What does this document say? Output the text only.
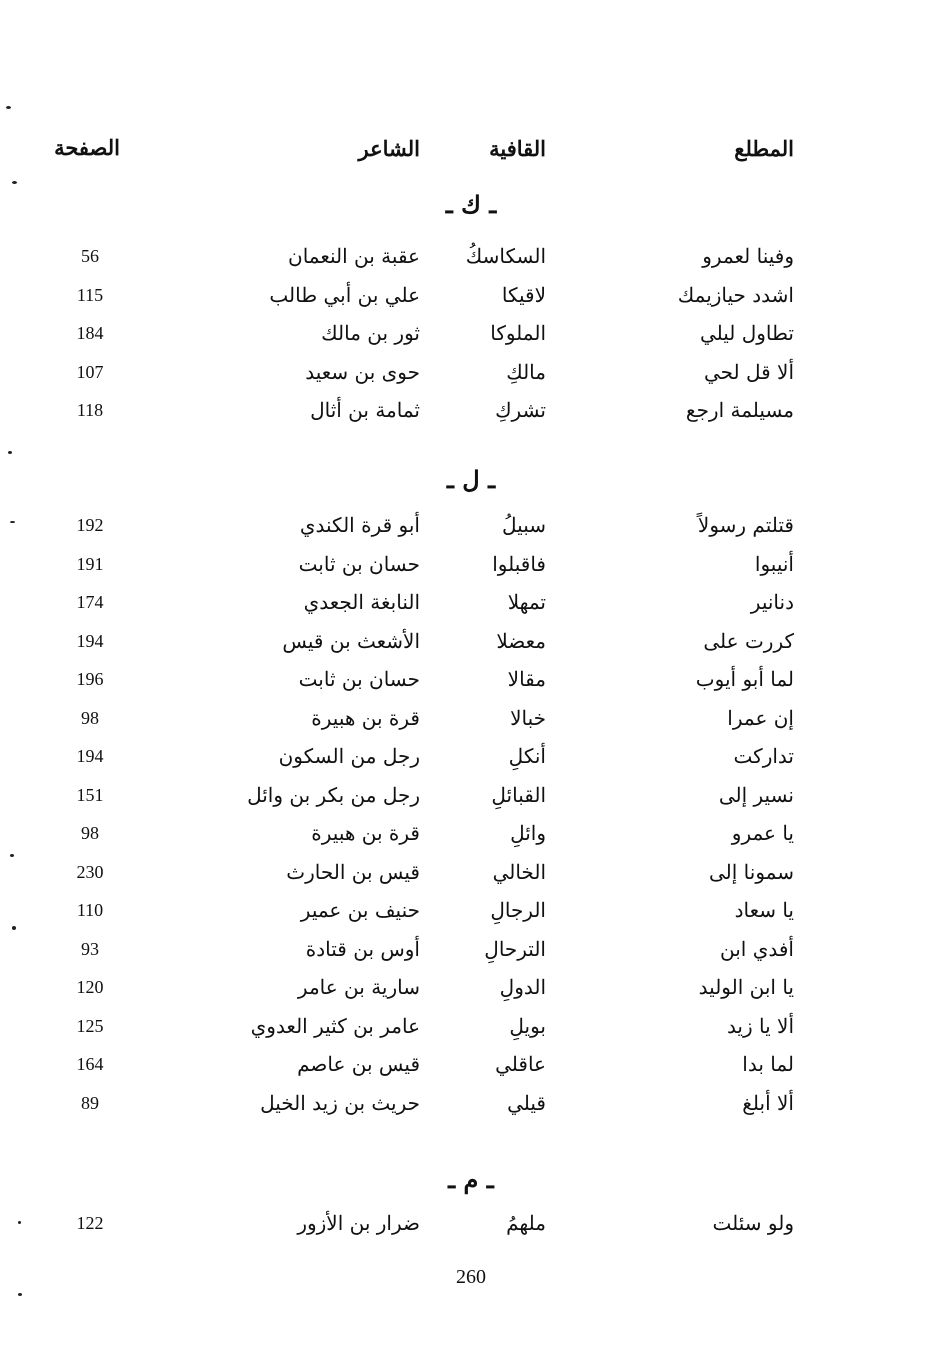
المطلع
القافية
الشاعر
الصفحة
ـ ك ـ
وفينا لعمرو
السكاسكُ
عقبة بن النعمان
56
اشدد حيازيمك
لاقيكا
علي بن أبي طالب
115
تطاول ليلي
الملوكا
ثور بن مالك
184
ألا قل لحي
مالكِ
حوى بن سعيد
107
مسيلمة ارجع
تشركِ
ثمامة بن أثال
118
ـ ل ـ
قتلتم رسولاً
سبيلُ
أبو قرة الكندي
192
أنيبوا
فاقبلوا
حسان بن ثابت
191
دنانير
تمهلا
النابغة الجعدي
174
كررت على
معضلا
الأشعث بن قيس
194
لما أبو أيوب
مقالا
حسان بن ثابت
196
إن عمرا
خبالا
قرة بن هبيرة
98
تداركت
أنكلِ
رجل من السكون
194
نسير إلى
القبائلِ
رجل من بكر بن وائل
151
يا عمرو
وائلِ
قرة بن هبيرة
98
سمونا إلى
الخالي
قيس بن الحارث
230
يا سعاد
الرجالِ
حنيف بن عمير
110
أفدي ابن
الترحالِ
أوس بن قتادة
93
يا ابن الوليد
الدولِ
سارية بن عامر
120
ألا يا زيد
بويلِ
عامر بن كثير العدوي
125
لما بدا
عاقلي
قيس بن عاصم
164
ألا أبلغ
قيلي
حريث بن زيد الخيل
89
ـ م ـ
ولو سئلت
ملهمُ
ضرار بن الأزور
122
260
